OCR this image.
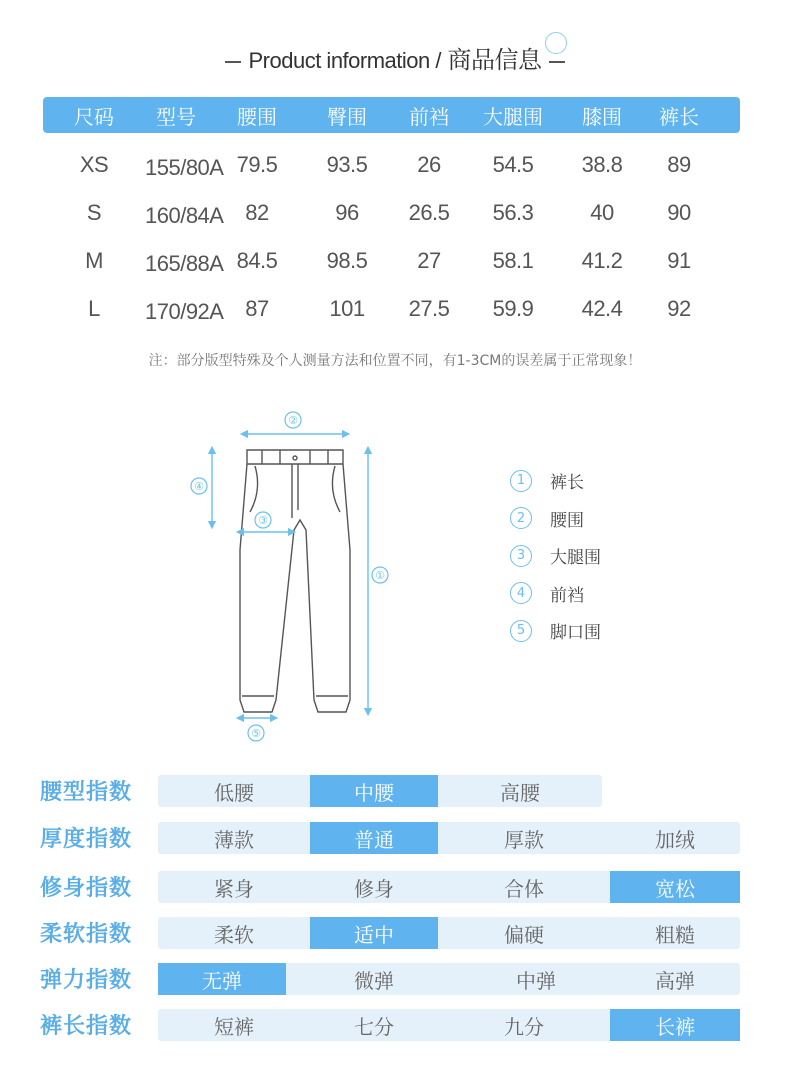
Product information / 商品信息
尺码	型号	腰围	臀围	前裆	大腿围	膝围	裤长
XS	155/80A 79.5	93.5	26	54.5	38.8	89
S	160/84A 82	96	26.5	56.3	40	90
M	165/88A 84.5	98.5	27	58.1	41.2	91
L	170/92A 87	101	27.5	59.9	42.4	92
注：部分版型特殊及个人测量方法和位置不同，有1-3CM的误差属于正常现象！
②
①
④
③
⑤
1	裤长
2	腰围
3	大腿围
4	前裆
5	脚口围
腰型指数	低腰	中腰	高腰
厚度指数	薄款	普通	厚款	加绒
修身指数	紧身	修身	合体	宽松
柔软指数	柔软	适中	偏硬	粗糙
弹力指数	无弹	微弹	中弹	高弹
裤长指数	短裤	七分	九分	长裤
